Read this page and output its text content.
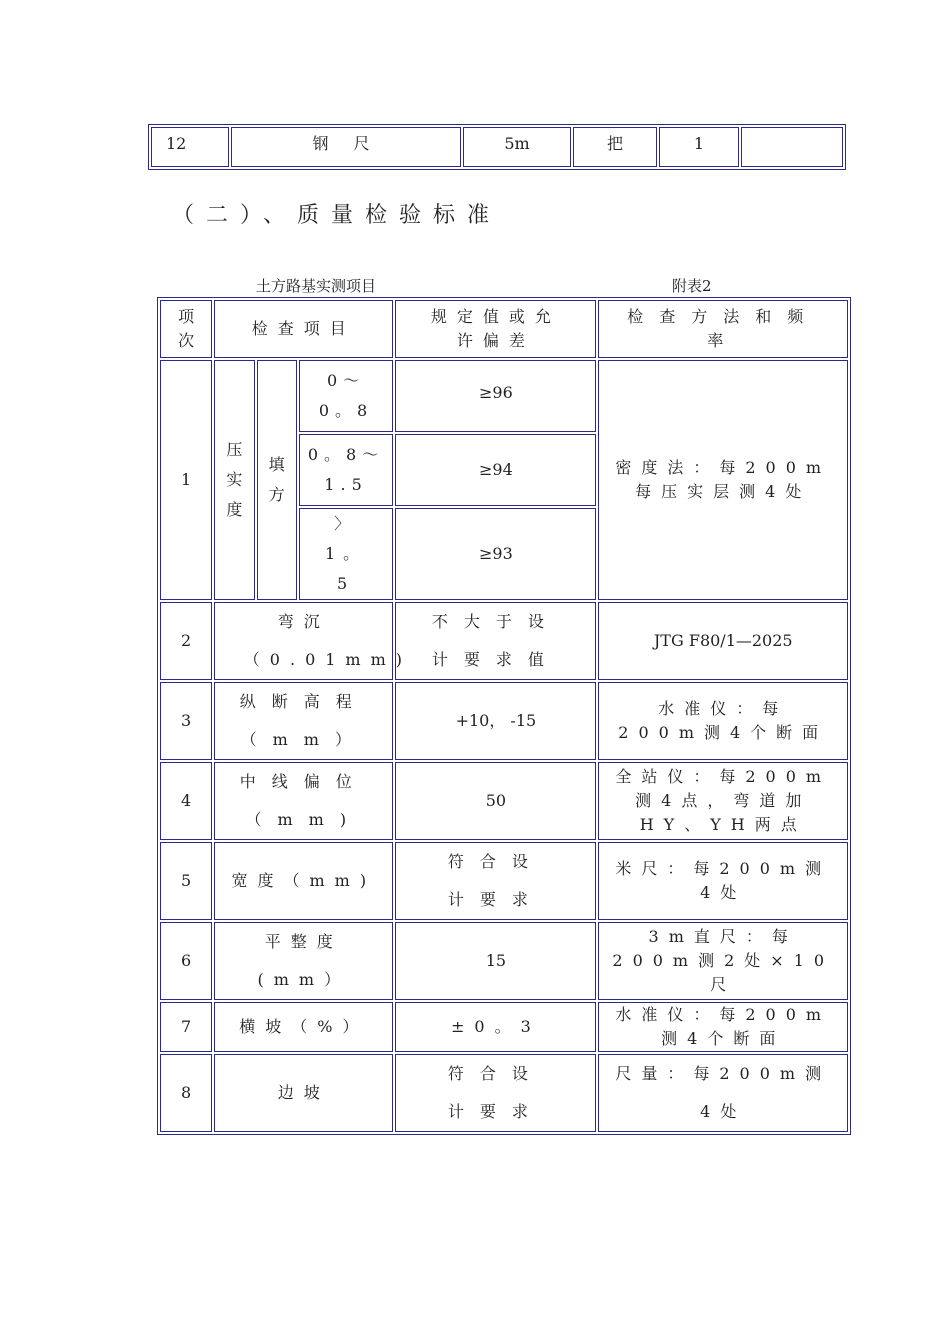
12	钢 尺	5m	把	1	
（二）、质量检验标准
土方路基实测项目	附表2
项次	检查项目			规定值或允许偏差	检查方法和频率

1	压实度	填方	0～0。8	≥96	密度法：每200m每压实层测4处

			0。8～1.5	≥94	

			〉1。5	≥93	
2	弯沉（0.01mm)			不大于设计要求值	JTG F80/1—2025
3	纵断高程（mm）			+10， -15	水准仪：每200m测4个断面

4	中线偏位（mm)			50	全站仪：每200m测4点，弯道加HY、YH两点

5	宽度（mm)			符合设计要求	米尺：每200m测4处

6	平整度(mm）			15	3m直尺：每200m测2处×10尺

7	横坡（%）			±0。3	水准仪：每200m测4个断面

8	边坡			符合设计要求	尺量：每200m测4处
